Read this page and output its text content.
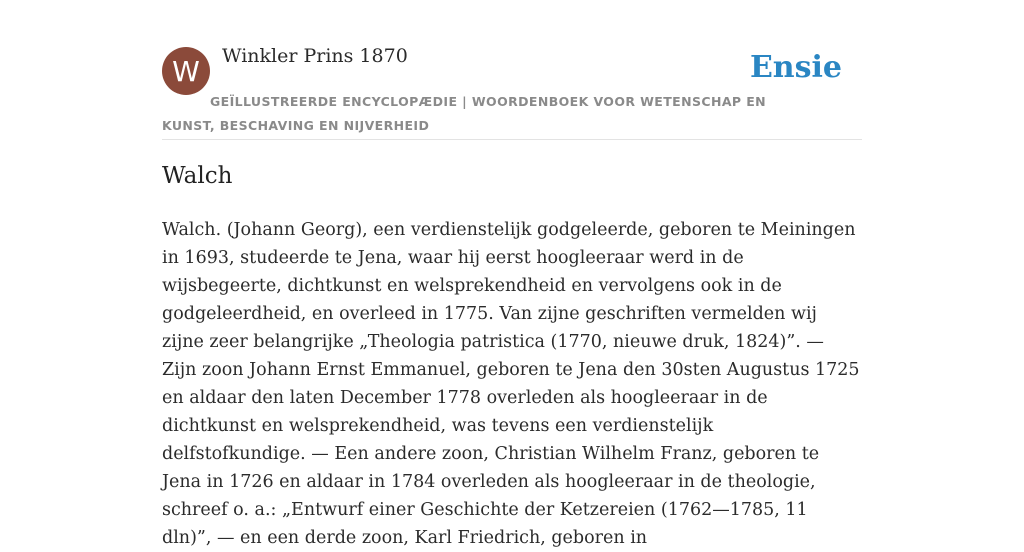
W	Winkler Prins 1870	Ensie
GEÏLLUSTREERDE ENCYCLOPÆDIE | WOORDENBOEK VOOR WETENSCHAP EN KUNST, BESCHAVING EN NIJVERHEID
Walch

Walch. (Johann Georg), een verdienstelijk godgeleerde, geboren te Meiningen in 1693, studeerde te Jena, waar hij eerst hoogleeraar werd in de wijsbegeerte, dichtkunst en welsprekendheid en vervolgens ook in de godgeleerdheid, en overleed in 1775. Van zijne geschriften vermelden wij zijne zeer belangrijke „Theologia patristica (1770, nieuwe druk, 1824)”. — Zijn zoon Johann Ernst Emmanuel, geboren te Jena den 30sten Augustus 1725 en aldaar den laten December 1778 overleden als hoogleeraar in de dichtkunst en welsprekendheid, was tevens een verdienstelijk delfstofkundige. — Een andere zoon, Christian Wilhelm Franz, geboren te Jena in 1726 en aldaar in 1784 overleden als hoogleeraar in de theologie, schreef o. a.: „Entwurf einer Geschichte der Ketzereien (1762—1785, 11 dln)”, — en een derde zoon, Karl Friedrich, geboren in
